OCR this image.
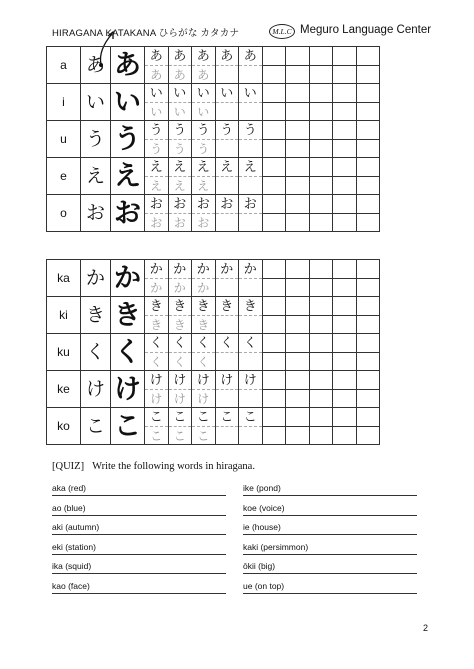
HIRAGANA KATAKANA ひらがな カタカナ	M.L.C Meguro Language Center
a	あ	あ	あ	あ	あ	あ	あ					
			あ	あ	あ							
i	い	い	い	い	い	い	い					
			い	い	い							
u	う	う	う	う	う	う	う					
			う	う	う							
e	え	え	え	え	え	え	え					
			え	え	え							
o	お	お	お	お	お	お	お					
			お	お	お							
ka	か	か	か	か	か	か	か					
			か	か	か							
ki	き	き	き	き	き	き	き					
			き	き	き							
ku	く	く	く	く	く	く	く					
			く	く	く							
ke	け	け	け	け	け	け	け					
			け	け	け							
ko	こ	こ	こ	こ	こ	こ	こ					
			こ	こ	こ							
[QUIZ] Write the following words in hiragana.
aka (red)
ao (blue)
aki (autumn)
eki (station)
ika (squid)
kao (face)
ike (pond)
koe (voice)
ie (house)
kaki (persimmon)
ōkii (big)
ue (on top)
2
